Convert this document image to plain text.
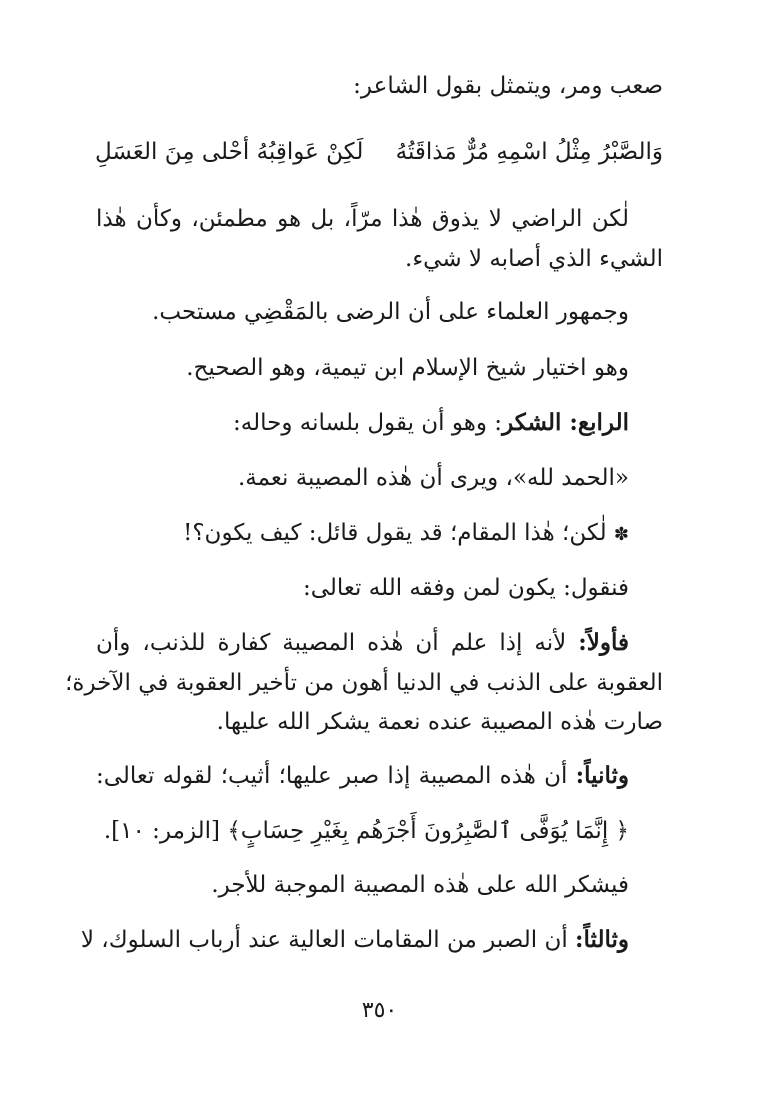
صعب ومر، ويتمثل بقول الشاعر:
وَالصَّبْرُ مِثْلُ اسْمِهِ مُرٌّ مَذاقَتُهُ
لَكِنْ عَواقِبُهُ أحْلى مِنَ العَسَلِ
لٰكن الراضي لا يذوق هٰذا مرّاً، بل هو مطمئن، وكأن هٰذا
الشيء الذي أصابه لا شيء.
وجمهور العلماء على أن الرضى بالمَقْضِي مستحب.
وهو اختيار شيخ الإسلام ابن تيمية، وهو الصحيح.
الرابع: الشكر: وهو أن يقول بلسانه وحاله:
«الحمد لله»، ويرى أن هٰذه المصيبة نعمة.
✽ لٰكن؛ هٰذا المقام؛ قد يقول قائل: كيف يكون؟!
فنقول: يكون لمن وفقه الله تعالى:
فأولاً: لأنه إذا علم أن هٰذه المصيبة كفارة للذنب، وأن
العقوبة على الذنب في الدنيا أهون من تأخير العقوبة في الآخرة؛
صارت هٰذه المصيبة عنده نعمة يشكر الله عليها.
وثانياً: أن هٰذه المصيبة إذا صبر عليها؛ أثيب؛ لقوله تعالى:
﴿ إِنَّمَا يُوَفَّى ٱلصَّٰبِرُونَ أَجْرَهُم بِغَيْرِ حِسَابٍ﴾ [الزمر: ١٠].
فيشكر الله على هٰذه المصيبة الموجبة للأجر.
وثالثاً: أن الصبر من المقامات العالية عند أرباب السلوك، لا
٣٥٠
